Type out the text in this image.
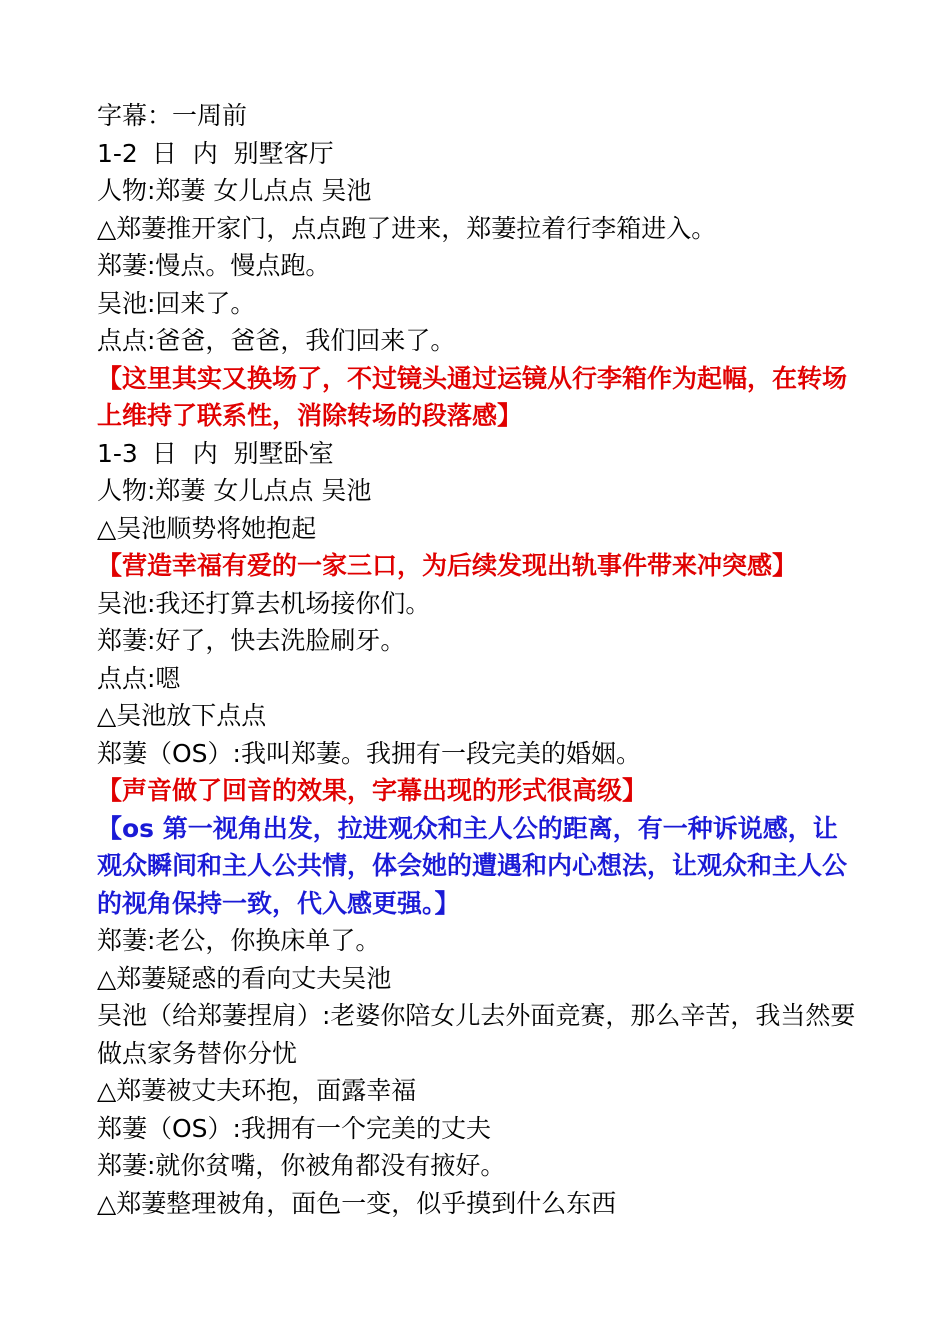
字幕：一周前

1-2 日  内  别墅客厅

人物:郑萋 女儿点点 吴池

△郑萋推开家门，点点跑了进来，郑萋拉着行李箱进入。

郑萋:慢点。慢点跑。

吴池:回来了。

点点:爸爸，爸爸，我们回来了。

【这里其实又换场了，不过镜头通过运镜从行李箱作为起幅，在转场上维持了联系性，消除转场的段落感】

1-3 日  内  别墅卧室

人物:郑萋 女儿点点 吴池

△吴池顺势将她抱起

【营造幸福有爱的一家三口，为后续发现出轨事件带来冲突感】

吴池:我还打算去机场接你们。

郑萋:好了，快去洗脸刷牙。

点点:嗯

△吴池放下点点

郑萋（OS）:我叫郑萋。我拥有一段完美的婚姻。

【声音做了回音的效果，字幕出现的形式很高级】

【os 第一视角出发，拉进观众和主人公的距离，有一种诉说感，让观众瞬间和主人公共情，体会她的遭遇和内心想法，让观众和主人公的视角保持一致，代入感更强。】

郑萋:老公，你换床单了。

△郑萋疑惑的看向丈夫吴池

吴池（给郑萋捏肩）:老婆你陪女儿去外面竞赛，那么辛苦，我当然要做点家务替你分忧

△郑萋被丈夫环抱，面露幸福

郑萋（OS）:我拥有一个完美的丈夫

郑萋:就你贫嘴，你被角都没有掖好。

△郑萋整理被角，面色一变，似乎摸到什么东西
